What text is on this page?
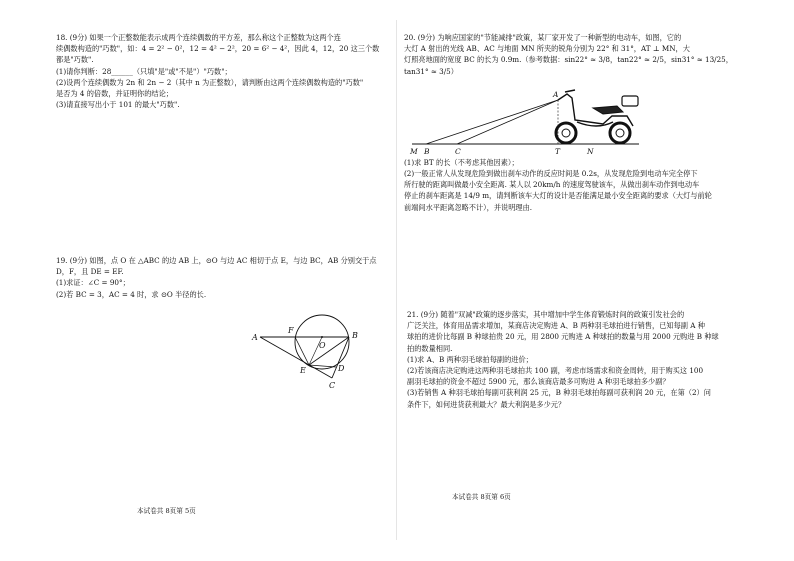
18. (9分) 如果一个正整数能表示成两个连续偶数的平方差，那么称这个正整数为这两个连
续偶数构造的"巧数"，如：4 = 2² − 0²，12 = 4² − 2²，20 = 6² − 4²，因此 4，12，20 这三个数
都是"巧数".
(1)请你判断：28______（只填"是"或"不是"）"巧数"；
(2)设两个连续偶数为 2n 和 2n − 2（其中 n 为正整数），请判断由这两个连续偶数构造的"巧数"
是否为 4 的倍数，并证明你的结论；
(3)请直接写出小于 101 的最大"巧数".
19. (9分) 如图，点 O 在 △ABC 的边 AB 上，⊙O 与边 AC 相切于点 E，与边 BC，AB 分别交于点
D，F，且 DE = EF.
(1)求证：∠C = 90°；
(2)若 BC = 3，AC = 4 时，求 ⊙O 半径的长.
A
F
O
B
E	D
C
本试卷共 8页第 5页
20. (9分) 为响应国家的"节能减排"政策，某厂家开发了一种新型的电动车，如图，它的
大灯 A 射出的光线 AB、AC 与地面 MN 所夹的锐角分别为 22° 和 31°，AT ⊥ MN，大
灯照亮地面的宽度 BC 的长为 0.9m.（参考数据：sin22° ≈ 3/8，tan22° ≈ 2/5，sin31° ≈ 13/25，tan31° ≈ 3/5）
(1)求 BT 的长（不考虑其他因素）；
(2)一般正常人从发现危险到做出刹车动作的反应时间是 0.2s，从发现危险到电动车完全停下
所行驶的距离叫做最小安全距离. 某人以 20km/h 的速度驾驶该车，从做出刹车动作到电动车
停止的刹车距离是 14/9 m，请判断该车大灯的设计是否能满足最小安全距离的要求（大灯与前轮
前端间水平距离忽略不计），并说明理由.
A
M B	C	T	N
21. (9分) 随着"双减"政策的逐步落实，其中增加中学生体育锻炼时间的政策引发社会的
广泛关注，体育用品需求增加，某商店决定购进 A、B 两种羽毛球拍进行销售，已知每副 A 种
球拍的进价比每副 B 种球拍贵 20 元，用 2800 元购进 A 种球拍的数量与用 2000 元购进 B 种球
拍的数量相同.
(1)求 A、B 两种羽毛球拍每副的进价；
(2)若该商店决定购进这两种羽毛球拍共 100 副，考虑市场需求和资金周转，用于购买这 100
副羽毛球拍的资金不超过 5900 元，那么该商店最多可购进 A 种羽毛球拍多少副？
(3)若销售 A 种羽毛球拍每副可获利润 25 元，B 种羽毛球拍每副可获利润 20 元，在第（2）问
条件下，如何进货获利最大？最大利润是多少元？
本试卷共 8页第 6页
